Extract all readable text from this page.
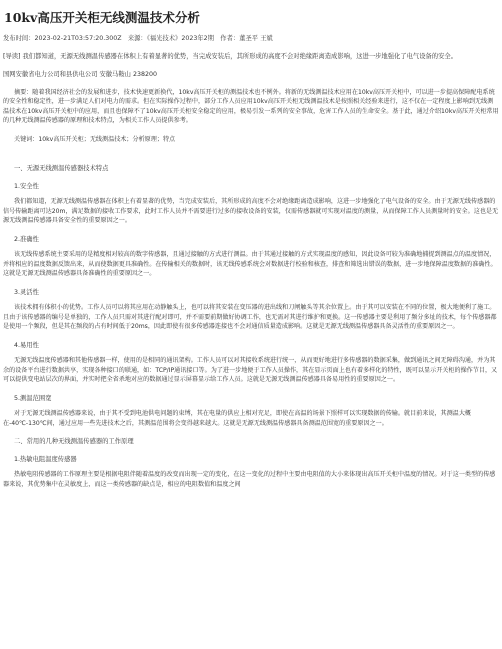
10kv高压开关柜无线测温技术分析
发布时间：2023-02-21T03:57:20.300Z　来源：《福光技术》2023年2期　作者：董圣平 王斌
[导读] 我们都知道，无源无线测温传感器在体积上有着显著的优势，当完成安装后，其所形成的高度不会对绝缘距离造成影响，这进一步地强化了电气设备的安全。
国网安徽省电力公司和县供电公司 安徽马鞍山 238200

摘要：随着我国经济社会的发展和进步，技术快速更新换代，10kv高压开关柜的测温技术也不例外。将新的无线测温技术应用在10kv高压开关柜中，可以进一步提高保障配电系统的安全性和稳定性，进一步满足人们对电力的需求。但在实际操作过程中，部分工作人员应用10kv高压开关柜无线测温技术是按照相关经验来进行，这不仅在一定程度上影响到无线测温技术在10kv高压开关柜中的应用，而且也保障不了10kv高压开关柜安全稳定的应用，极易引发一系列的安全事故，危害工作人员的生命安全。基于此，通过介绍10kv高压开关柜常用的几种无线测温传感器的原理和技术特点，为相关工作人员提供参考。

关键词：10kv高压开关柜；无线测温技术；分析原理；特点

一、无源无线测温传感器技术特点
1.安全性

我们都知道，无源无线测温传感器在体积上有着显著的优势，当完成安装后，其所形成的高度不会对绝缘距离造成影响，这进一步地强化了电气设备的安全。由于无源无线传感器的信号传输距离可达20m，满足数据的接收工作要求，此时工作人员并不需要进行过多的接收设备的安装，仅需传感器就可实现对温度的测量，从而保障工作人员测量时的安全。这也是无源无线测温传感器具备安全性的重要原因之一。

2.准确性

该无线传感系统主要采用的是精度相对较高的数字传感器，且通过接触的方式进行测温。由于其通过接触的方式实现温度的感知，因此设备可较为准确地捕捉到测温点的温度情况，并将相应的温度数据反馈出来，从而使数据更具准确性。在传输相关的数据时，该无线传感系统会对数据进行校验和核查，排查和筛选出错误的数据，进一步地保障温度数据的准确性。这就是无源无线测温传感器具备准确性的重要原因之一。

3.灵活性

该技术拥有体积小的优势。工作人员可以将其应用在动静触头上，也可以将其安装在变压器的进出线和刀闸触头等其余位置上。由于其可以安装在不同的位置，极大地便利了施工。且由于该传感器的编号是单独的，工作人员只需对其进行配对即可，并不需要前期做好协调工作，也无需对其进行维护和更换。这一传感器主要是利用了频分多址的技术，每个传感器都是使用一个频段，但是其在频段的占有时间低于20ms，因此即使有很多传感器连接也不会对通信质量造成影响。这就是无源无线测温传感器具备灵活性的重要原因之一。

4.易用性

无源无线温度传感器和其他传感器一样，使用的是相同的通讯架构。工作人员可以对其接收系统进行统一，从而更好地进行多传感器的数据采集，做到通讯之间无障碍沟通，并为其余的设备平台进行数据共享，实现各种接口的联通，如：TCP/IP通讯接口等。为了进一步地便于工作人员操作，其在显示页面上也有着多样化的特性，既可以显示开关柜的操作节目，又可以提供变电站层次的界面，并实时把全省杀地对应的数据通过显示屏幕显示给工作人员。这就是无源无线测温传感器具备易用性的重要原因之一。

5.测温范围宽

对于无源无线测温传感器来说，由于其不受到电池供电问题的束缚，其在电量的供应上相对充足，即使在高温的场景下照样可以实现数据的传输。就目前来说，其测温大概在-40℃-130℃间，通过应用一些先进技术之后，其测温范围将会变得越来越大。这就是无源无线测温传感器具备测温范围宽的重要原因之一。

二、常用的几种无线测温传感器的工作原理
1.热敏电阻温度传感器

热敏电阻传感器的工作原理主要是根据电阻伴随着温度的改变而出现一定的变化，在这一变化的过程中主要由电阻值的大小来体现出高压开关柜中温度的情况。对于这一类型的传感器来说，其优势集中在灵敏度上，而这一类传感器的缺点是，相应的电阻数值和温度之间
